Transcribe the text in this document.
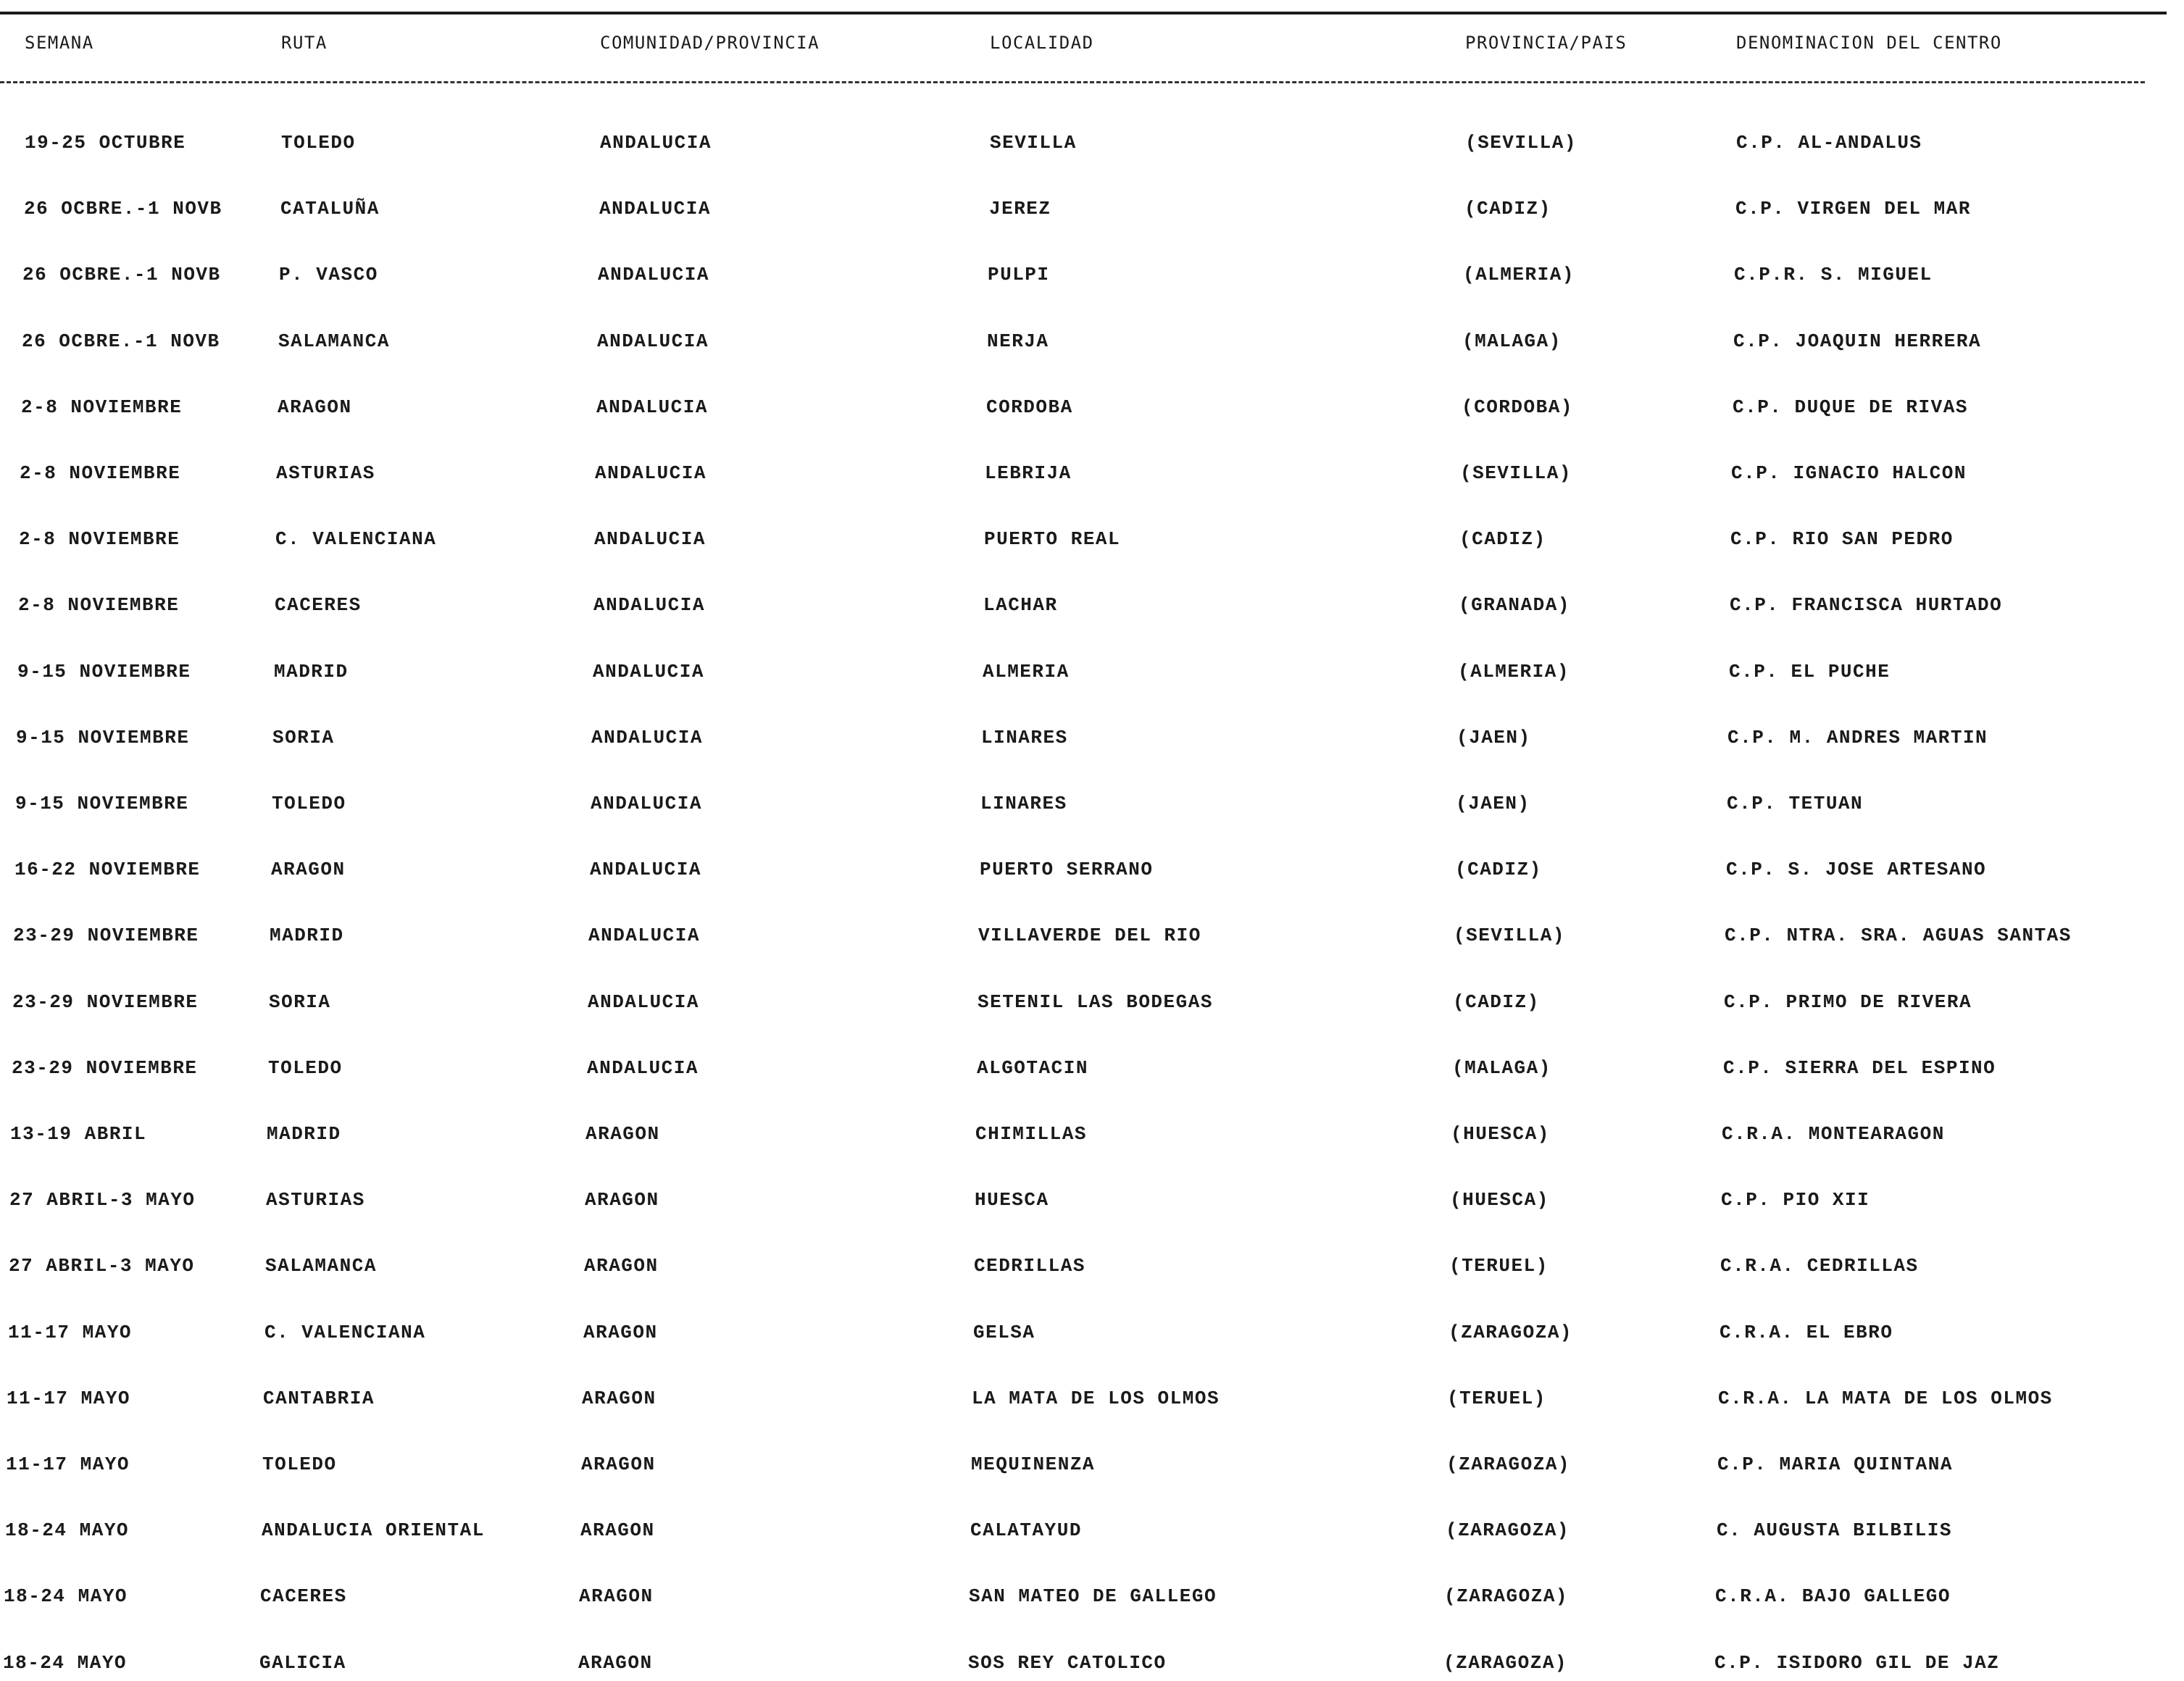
SEMANA	RUTA	COMUNIDAD/PROVINCIA	LOCALIDAD	PROVINCIA/PAIS	DENOMINACION DEL CENTRO
19-25 OCTUBRE	TOLEDO	ANDALUCIA	SEVILLA	(SEVILLA)	C.P. AL-ANDALUS
26 OCBRE.-1 NOVB	CATALUÑA	ANDALUCIA	JEREZ	(CADIZ)	C.P. VIRGEN DEL MAR
26 OCBRE.-1 NOVB	P. VASCO	ANDALUCIA	PULPI	(ALMERIA)	C.P.R. S. MIGUEL
26 OCBRE.-1 NOVB	SALAMANCA	ANDALUCIA	NERJA	(MALAGA)	C.P. JOAQUIN HERRERA
2-8 NOVIEMBRE	ARAGON	ANDALUCIA	CORDOBA	(CORDOBA)	C.P. DUQUE DE RIVAS
2-8 NOVIEMBRE	ASTURIAS	ANDALUCIA	LEBRIJA	(SEVILLA)	C.P. IGNACIO HALCON
2-8 NOVIEMBRE	C. VALENCIANA	ANDALUCIA	PUERTO REAL	(CADIZ)	C.P. RIO SAN PEDRO
2-8 NOVIEMBRE	CACERES	ANDALUCIA	LACHAR	(GRANADA)	C.P. FRANCISCA HURTADO
9-15 NOVIEMBRE	MADRID	ANDALUCIA	ALMERIA	(ALMERIA)	C.P. EL PUCHE
9-15 NOVIEMBRE	SORIA	ANDALUCIA	LINARES	(JAEN)	C.P. M. ANDRES MARTIN
9-15 NOVIEMBRE	TOLEDO	ANDALUCIA	LINARES	(JAEN)	C.P. TETUAN
16-22 NOVIEMBRE	ARAGON	ANDALUCIA	PUERTO SERRANO	(CADIZ)	C.P. S. JOSE ARTESANO
23-29 NOVIEMBRE	MADRID	ANDALUCIA	VILLAVERDE DEL RIO	(SEVILLA)	C.P. NTRA. SRA. AGUAS SANTAS
23-29 NOVIEMBRE	SORIA	ANDALUCIA	SETENIL LAS BODEGAS	(CADIZ)	C.P. PRIMO DE RIVERA
23-29 NOVIEMBRE	TOLEDO	ANDALUCIA	ALGOTACIN	(MALAGA)	C.P. SIERRA DEL ESPINO
13-19 ABRIL	MADRID	ARAGON	CHIMILLAS	(HUESCA)	C.R.A. MONTEARAGON
27 ABRIL-3 MAYO	ASTURIAS	ARAGON	HUESCA	(HUESCA)	C.P. PIO XII
27 ABRIL-3 MAYO	SALAMANCA	ARAGON	CEDRILLAS	(TERUEL)	C.R.A. CEDRILLAS
11-17 MAYO	C. VALENCIANA	ARAGON	GELSA	(ZARAGOZA)	C.R.A. EL EBRO
11-17 MAYO	CANTABRIA	ARAGON	LA MATA DE LOS OLMOS	(TERUEL)	C.R.A. LA MATA DE LOS OLMOS
11-17 MAYO	TOLEDO	ARAGON	MEQUINENZA	(ZARAGOZA)	C.P. MARIA QUINTANA
18-24 MAYO	ANDALUCIA ORIENTAL	ARAGON	CALATAYUD	(ZARAGOZA)	C. AUGUSTA BILBILIS
18-24 MAYO	CACERES	ARAGON	SAN MATEO DE GALLEGO	(ZARAGOZA)	C.R.A. BAJO GALLEGO
18-24 MAYO	GALICIA	ARAGON	SOS REY CATOLICO	(ZARAGOZA)	C.P. ISIDORO GIL DE JAZ
